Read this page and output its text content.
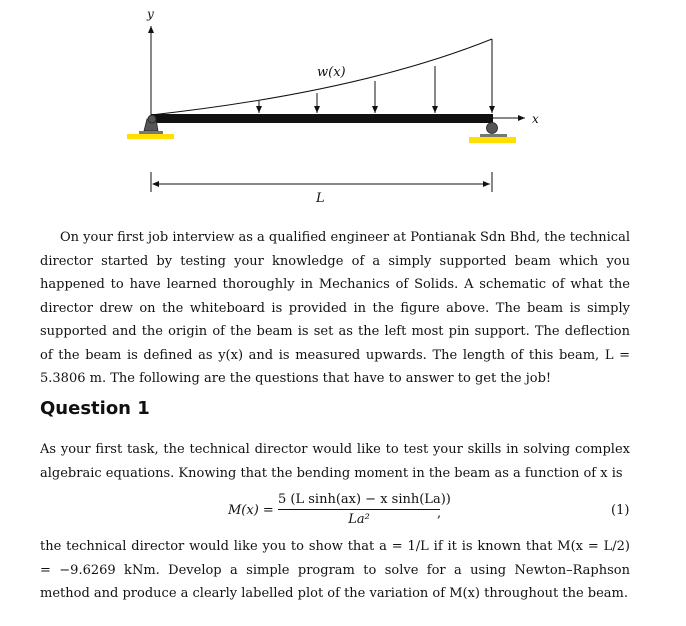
y
x
w(x)
L
On your first job interview as a qualified engineer at Pontianak Sdn Bhd, the technical director started by testing your knowledge of a simply supported beam which you happened to have learned thoroughly in Mechanics of Solids. A schematic of what the director drew on the whiteboard is provided in the figure above. The beam is simply supported and the origin of the beam is set as the left most pin support. The deflection of the beam is defined as y(x) and is measured upwards. The length of this beam, L = 5.3806 m. The following are the questions that have to answer to get the job!
Question 1
As your first task, the technical director would like to test your skills in solving complex algebraic equations. Knowing that the bending moment in the beam as a function of x is
$M(x) = \frac{\text{5 (L sinh(ax) − x sinh(La))}}{\text{La²}}$
,	(1)
the technical director would like you to show that a = 1/L if it is known that M(x = L/2) = −9.6269 kNm. Develop a simple program to solve for a using Newton–Raphson method and produce a clearly labelled plot of the variation of M(x) throughout the beam.
